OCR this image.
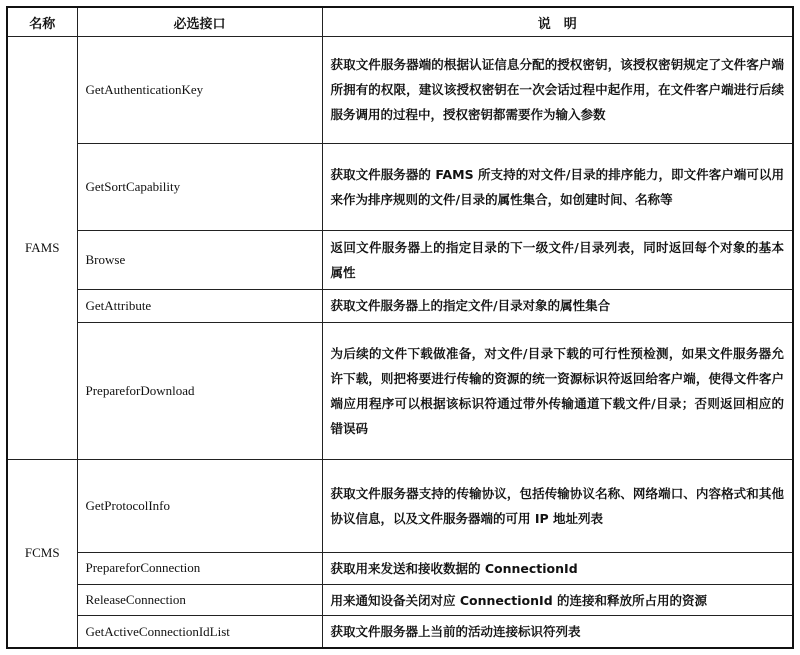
名称	必选接口	说　明
FAMS	GetAuthenticationKey	获取文件服务器端的根据认证信息分配的授权密钥，该授权密钥规定了文件客户端所拥有的权限，建议该授权密钥在一次会话过程中起作用，在文件客户端进行后续服务调用的过程中，授权密钥都需要作为输入参数
	GetSortCapability	获取文件服务器的 FAMS 所支持的对文件/目录的排序能力，即文件客户端可以用来作为排序规则的文件/目录的属性集合，如创建时间、名称等
	Browse	返回文件服务器上的指定目录的下一级文件/目录列表，同时返回每个对象的基本属性
	GetAttribute	获取文件服务器上的指定文件/目录对象的属性集合
	PrepareforDownload	为后续的文件下载做准备，对文件/目录下载的可行性预检测，如果文件服务器允许下载，则把将要进行传输的资源的统一资源标识符返回给客户端，使得文件客户端应用程序可以根据该标识符通过带外传输通道下载文件/目录；否则返回相应的错误码
FCMS	GetProtocolInfo	获取文件服务器支持的传输协议，包括传输协议名称、网络端口、内容格式和其他协议信息，以及文件服务器端的可用 IP 地址列表
	PrepareforConnection	获取用来发送和接收数据的 ConnectionId
	ReleaseConnection	用来通知设备关闭对应 ConnectionId 的连接和释放所占用的资源
	GetActiveConnectionIdList	获取文件服务器上当前的活动连接标识符列表
